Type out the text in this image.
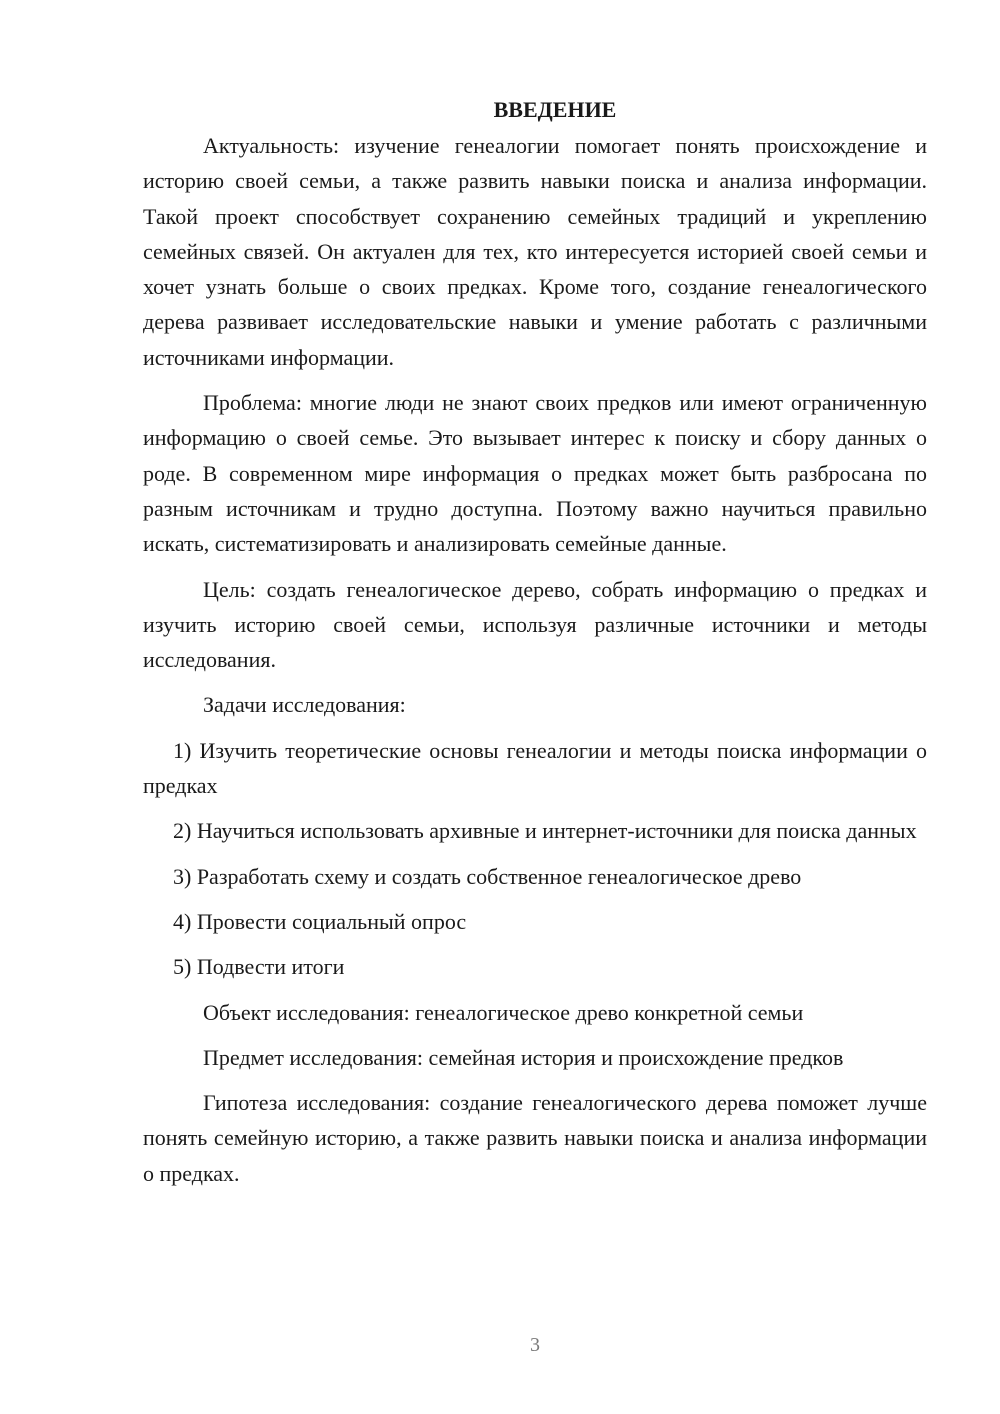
ВВЕДЕНИЕ

Актуальность: изучение генеалогии помогает понять происхождение и историю своей семьи, а также развить навыки поиска и анализа информации. Такой проект способствует сохранению семейных традиций и укреплению семейных связей. Он актуален для тех, кто интересуется историей своей семьи и хочет узнать больше о своих предках. Кроме того, создание генеалогического дерева развивает исследовательские навыки и умение работать с различными источниками информации.

Проблема: многие люди не знают своих предков или имеют ограниченную информацию о своей семье. Это вызывает интерес к поиску и сбору данных о роде. В современном мире информация о предках может быть разбросана по разным источникам и трудно доступна. Поэтому важно научиться правильно искать, систематизировать и анализировать семейные данные.

Цель: создать генеалогическое дерево, собрать информацию о предках и изучить историю своей семьи, используя различные источники и методы исследования.

Задачи исследования:

1) Изучить теоретические основы генеалогии и методы поиска информации о предках

2) Научиться использовать архивные и интернет-источники для поиска данных

3) Разработать схему и создать собственное генеалогическое древо

4) Провести социальный опрос

5) Подвести итоги

Объект исследования: генеалогическое древо конкретной семьи

Предмет исследования: семейная история и происхождение предков

Гипотеза исследования: создание генеалогического дерева поможет лучше понять семейную историю, а также развить навыки поиска и анализа информации о предках.

3
